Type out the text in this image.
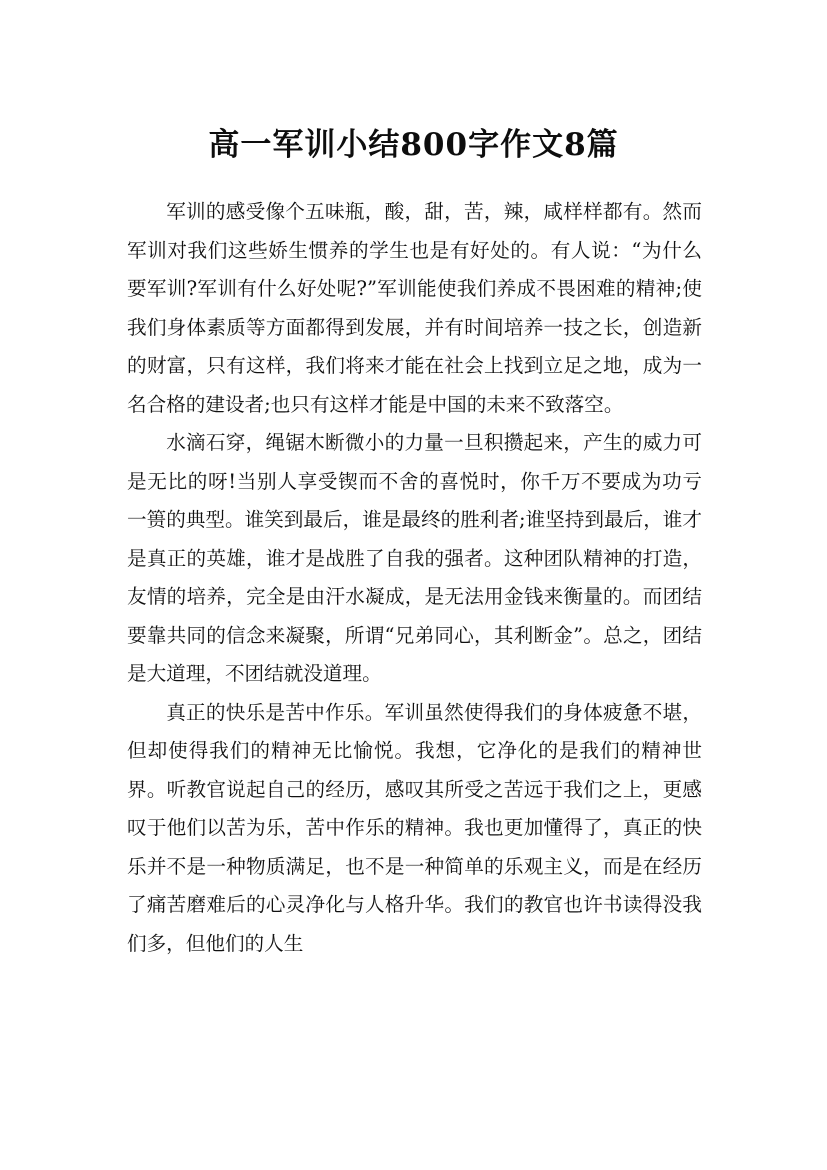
高一军训小结800字作文8篇

军训的感受像个五味瓶，酸，甜，苦，辣，咸样样都有。然而军训对我们这些娇生惯养的学生也是有好处的。有人说：“为什么要军训?军训有什么好处呢?”军训能使我们养成不畏困难的精神;使我们身体素质等方面都得到发展，并有时间培养一技之长，创造新的财富，只有这样，我们将来才能在社会上找到立足之地，成为一名合格的建设者;也只有这样才能是中国的未来不致落空。

水滴石穿，绳锯木断微小的力量一旦积攒起来，产生的威力可是无比的呀!当别人享受锲而不舍的喜悦时，你千万不要成为功亏一篑的典型。谁笑到最后，谁是最终的胜利者;谁坚持到最后，谁才是真正的英雄，谁才是战胜了自我的强者。这种团队精神的打造，友情的培养，完全是由汗水凝成，是无法用金钱来衡量的。而团结要靠共同的信念来凝聚，所谓“兄弟同心，其利断金”。总之，团结是大道理，不团结就没道理。

真正的快乐是苦中作乐。军训虽然使得我们的身体疲惫不堪，但却使得我们的精神无比愉悦。我想，它净化的是我们的精神世界。听教官说起自己的经历，感叹其所受之苦远于我们之上，更感叹于他们以苦为乐，苦中作乐的精神。我也更加懂得了，真正的快乐并不是一种物质满足，也不是一种简单的乐观主义，而是在经历了痛苦磨难后的心灵净化与人格升华。我们的教官也许书读得没我们多，但他们的人生
